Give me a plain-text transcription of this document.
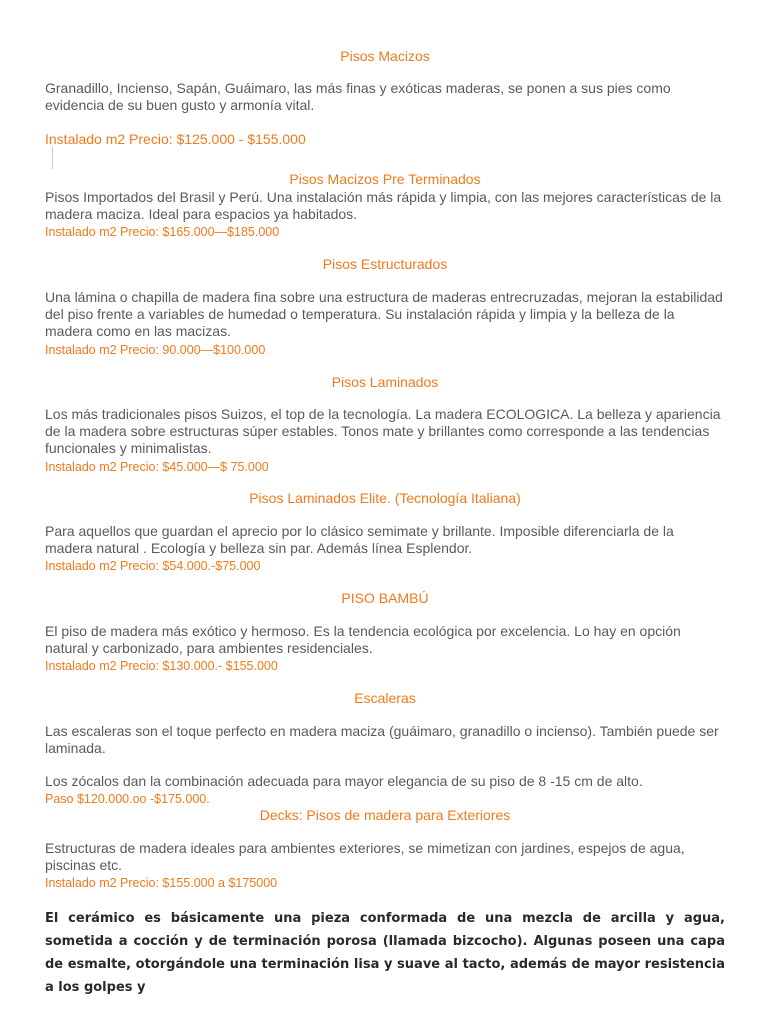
Pisos Macizos
Granadillo, Incienso, Sapán, Guáimaro, las más finas y exóticas maderas, se ponen a sus pies como evidencia de su buen gusto y armonía vital.
Instalado m2 Precio: $125.000 - $155.000
Pisos Macizos Pre Terminados
Pisos Importados del Brasil y Perú. Una instalación más rápida y limpia, con las mejores características de la madera maciza. Ideal para espacios ya habitados.
Instalado m2 Precio: $165.000—$185.000
Pisos Estructurados
Una lámina o chapilla de madera fina sobre una estructura de maderas entrecruzadas, mejoran la estabilidad del piso frente a variables de humedad o temperatura. Su instalación rápida y limpia y la belleza de la madera como en las macizas.
Instalado m2 Precio: 90.000—$100.000
Pisos Laminados
Los más tradicionales pisos Suizos, el top de la tecnología. La madera ECOLOGICA. La belleza y apariencia de la madera sobre estructuras súper estables. Tonos mate y brillantes como corresponde a las tendencias funcionales y minimalistas.
Instalado m2 Precio: $45.000—$ 75.000
Pisos Laminados Elite. (Tecnología Italiana)
Para aquellos que guardan el aprecio por lo clásico semimate y brillante. Imposible diferenciarla de la madera natural . Ecología y belleza sin par. Además línea Esplendor.
Instalado m2 Precio: $54.000.-$75.000
PISO BAMBÚ
El piso de madera más exótico y hermoso. Es la tendencia ecológica por excelencia. Lo hay en opción natural y carbonizado, para ambientes residenciales.
Instalado m2 Precio: $130.000.- $155.000
Escaleras
Las escaleras son el toque perfecto en madera maciza (guáimaro, granadillo o incienso). También puede ser laminada.
Los zócalos dan la combinación adecuada para mayor elegancia de su piso de 8 -15 cm de alto.
Paso $120.000.oo -$175.000.
Decks: Pisos de madera para Exteriores
Estructuras de madera ideales para ambientes exteriores, se mimetizan con jardines, espejos de agua, piscinas etc.
Instalado m2 Precio: $155.000 a $175000
El cerámico es básicamente una pieza conformada de una mezcla de arcilla y agua, sometida a cocción y de terminación porosa (llamada bizcocho). Algunas poseen una capa de esmalte, otorgándole una terminación lisa y suave al tacto, además de mayor resistencia a los golpes y
